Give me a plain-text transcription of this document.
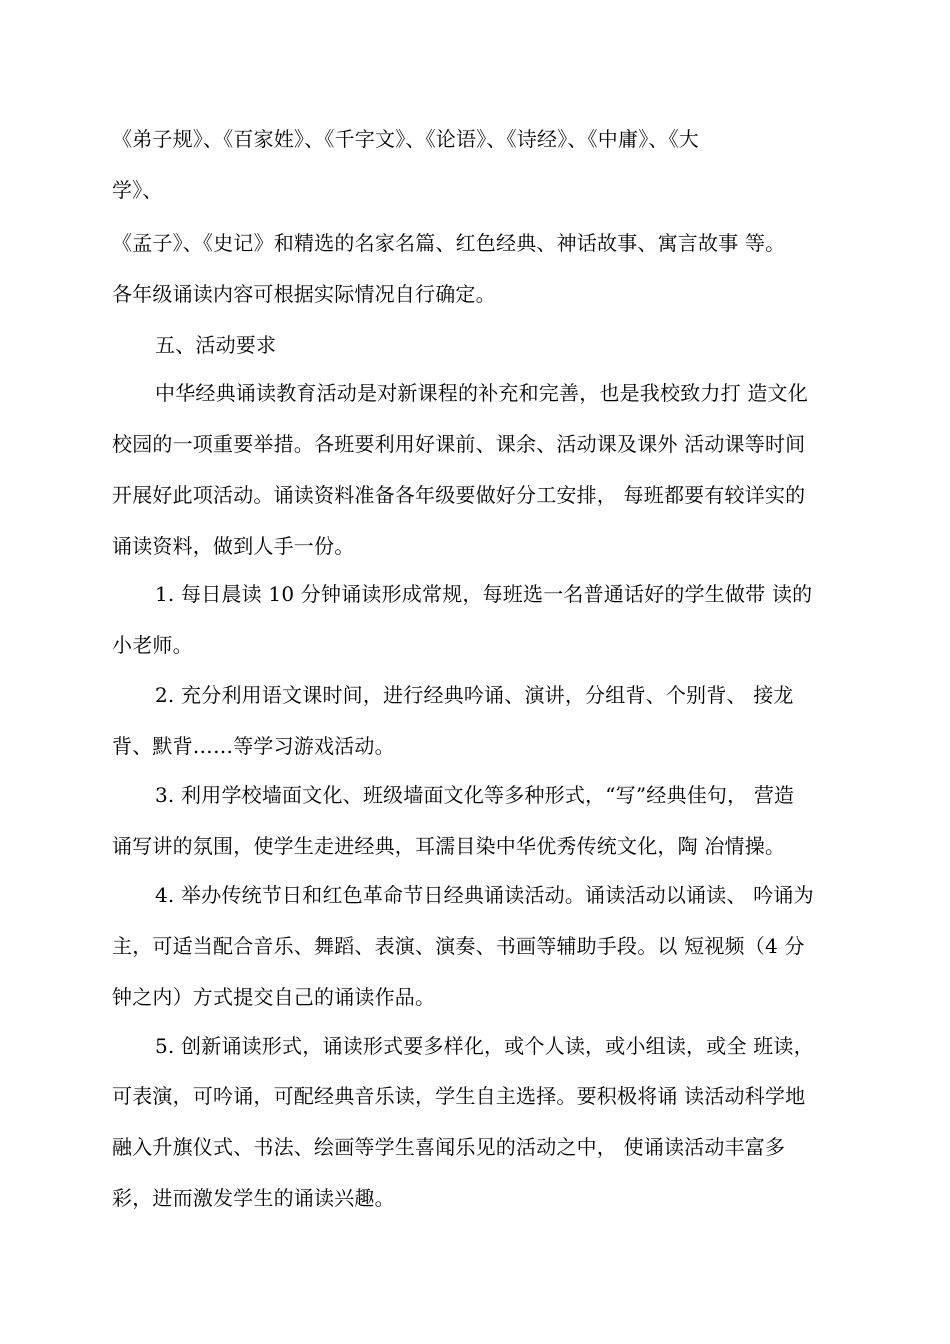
《弟子规》、《百家姓》、《千字文》、《论语》、《诗经》、《中庸》、《大
学》、
《孟子》、《史记》和精选的名家名篇、红色经典、神话故事、寓言故事 等。
各年级诵读内容可根据实际情况自行确定。
五、活动要求
中华经典诵读教育活动是对新课程的补充和完善，也是我校致力打 造文化
校园的一项重要举措。各班要利用好课前、课余、活动课及课外 活动课等时间
开展好此项活动。诵读资料准备各年级要做好分工安排， 每班都要有较详实的
诵读资料，做到人手一份。
1. 每日晨读 10 分钟诵读形成常规，每班选一名普通话好的学生做带 读的
小老师。
2. 充分利用语文课时间，进行经典吟诵、演讲，分组背、个别背、 接龙
背、默背……等学习游戏活动。
3. 利用学校墙面文化、班级墙面文化等多种形式，“写”经典佳句， 营造
诵写讲的氛围，使学生走进经典，耳濡目染中华优秀传统文化，陶 冶情操。
4. 举办传统节日和红色革命节日经典诵读活动。诵读活动以诵读、 吟诵为
主，可适当配合音乐、舞蹈、表演、演奏、书画等辅助手段。以 短视频（4 分
钟之内）方式提交自己的诵读作品。
5. 创新诵读形式，诵读形式要多样化，或个人读，或小组读，或全 班读，
可表演，可吟诵，可配经典音乐读，学生自主选择。要积极将诵 读活动科学地
融入升旗仪式、书法、绘画等学生喜闻乐见的活动之中， 使诵读活动丰富多
彩，进而激发学生的诵读兴趣。
